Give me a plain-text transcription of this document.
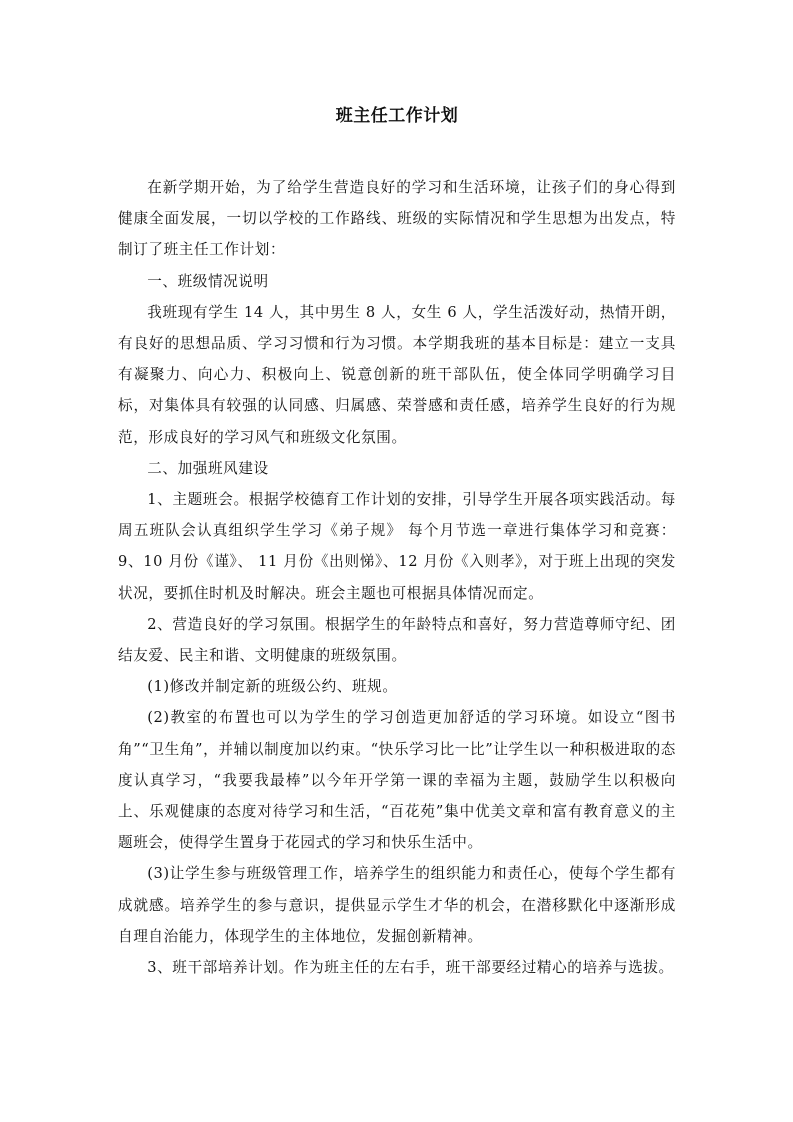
班主任工作计划

在新学期开始，为了给学生营造良好的学习和生活环境，让孩子们的身心得到健康全面发展，一切以学校的工作路线、班级的实际情况和学生思想为出发点，特制订了班主任工作计划：

一、班级情况说明

我班现有学生 14 人，其中男生 8 人，女生 6 人，学生活泼好动，热情开朗，有良好的思想品质、学习习惯和行为习惯。本学期我班的基本目标是：建立一支具有凝聚力、向心力、积极向上、锐意创新的班干部队伍，使全体同学明确学习目标，对集体具有较强的认同感、归属感、荣誉感和责任感，培养学生良好的行为规范，形成良好的学习风气和班级文化氛围。

二、加强班风建设

1、主题班会。根据学校德育工作计划的安排，引导学生开展各项实践活动。每周五班队会认真组织学生学习《弟子规》 每个月节选一章进行集体学习和竞赛：9、10 月份《谨》、 11 月份《出则悌》、12 月份《入则孝》，对于班上出现的突发状况，要抓住时机及时解决。班会主题也可根据具体情况而定。

2、营造良好的学习氛围。根据学生的年龄特点和喜好，努力营造尊师守纪、团结友爱、民主和谐、文明健康的班级氛围。

(1)修改并制定新的班级公约、班规。

(2)教室的布置也可以为学生的学习创造更加舒适的学习环境。如设立“图书角”“卫生角”，并辅以制度加以约束。“快乐学习比一比”让学生以一种积极进取的态度认真学习，“我要我最棒”以今年开学第一课的幸福为主题，鼓励学生以积极向上、乐观健康的态度对待学习和生活，“百花苑”集中优美文章和富有教育意义的主题班会，使得学生置身于花园式的学习和快乐生活中。

(3)让学生参与班级管理工作，培养学生的组织能力和责任心，使每个学生都有成就感。培养学生的参与意识，提供显示学生才华的机会，在潜移默化中逐渐形成自理自治能力，体现学生的主体地位，发掘创新精神。

3、班干部培养计划。作为班主任的左右手，班干部要经过精心的培养与选拔。
